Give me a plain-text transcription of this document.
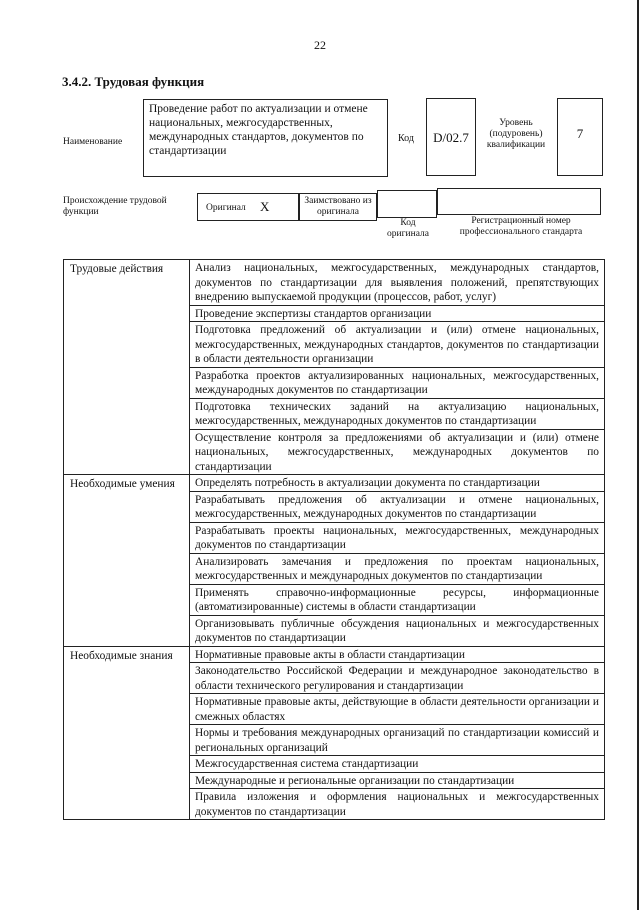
22
3.4.2. Трудовая функция
Наименование
Проведение работ по актуализации и отмене национальных, межгосударственных, международных стандартов, документов по стандартизации
Код	D/02.7
Уровень (подуровень) квалификации
7
Происхождение трудовой функции	Оригинал X	Заимствовано из оригинала
Код оригинала
Регистрационный номер профессионального стандарта
Трудовые действия	Анализ национальных, межгосударственных, международных стандартов, документов по стандартизации для выявления положений, препятствующих внедрению выпускаемой продукции (процессов, работ, услуг)
	Проведение экспертизы стандартов организации
	Подготовка предложений об актуализации и (или) отмене национальных, межгосударственных, международных стандартов, документов по стандартизации в области деятельности организации
	Разработка проектов актуализированных национальных, межгосударственных, международных документов по стандартизации
	Подготовка технических заданий на актуализацию национальных, межгосударственных, международных документов по стандартизации
	Осуществление контроля за предложениями об актуализации и (или) отмене национальных, межгосударственных, международных документов по стандартизации
Необходимые умения	Определять потребность в актуализации документа по стандартизации
	Разрабатывать предложения об актуализации и отмене национальных, межгосударственных, международных документов по стандартизации
	Разрабатывать проекты национальных, межгосударственных, международных документов по стандартизации
	Анализировать замечания и предложения по проектам национальных, межгосударственных и международных документов по стандартизации
	Применять справочно-информационные ресурсы, информационные (автоматизированные) системы в области стандартизации
	Организовывать публичные обсуждения национальных и межгосударственных документов по стандартизации
Необходимые знания	Нормативные правовые акты в области стандартизации
	Законодательство Российской Федерации и международное законодательство в области технического регулирования и стандартизации
	Нормативные правовые акты, действующие в области деятельности организации и смежных областях
	Нормы и требования международных организаций по стандартизации комиссий и региональных организаций
	Межгосударственная система стандартизации
	Международные и региональные организации по стандартизации
	Правила изложения и оформления национальных и межгосударственных документов по стандартизации
